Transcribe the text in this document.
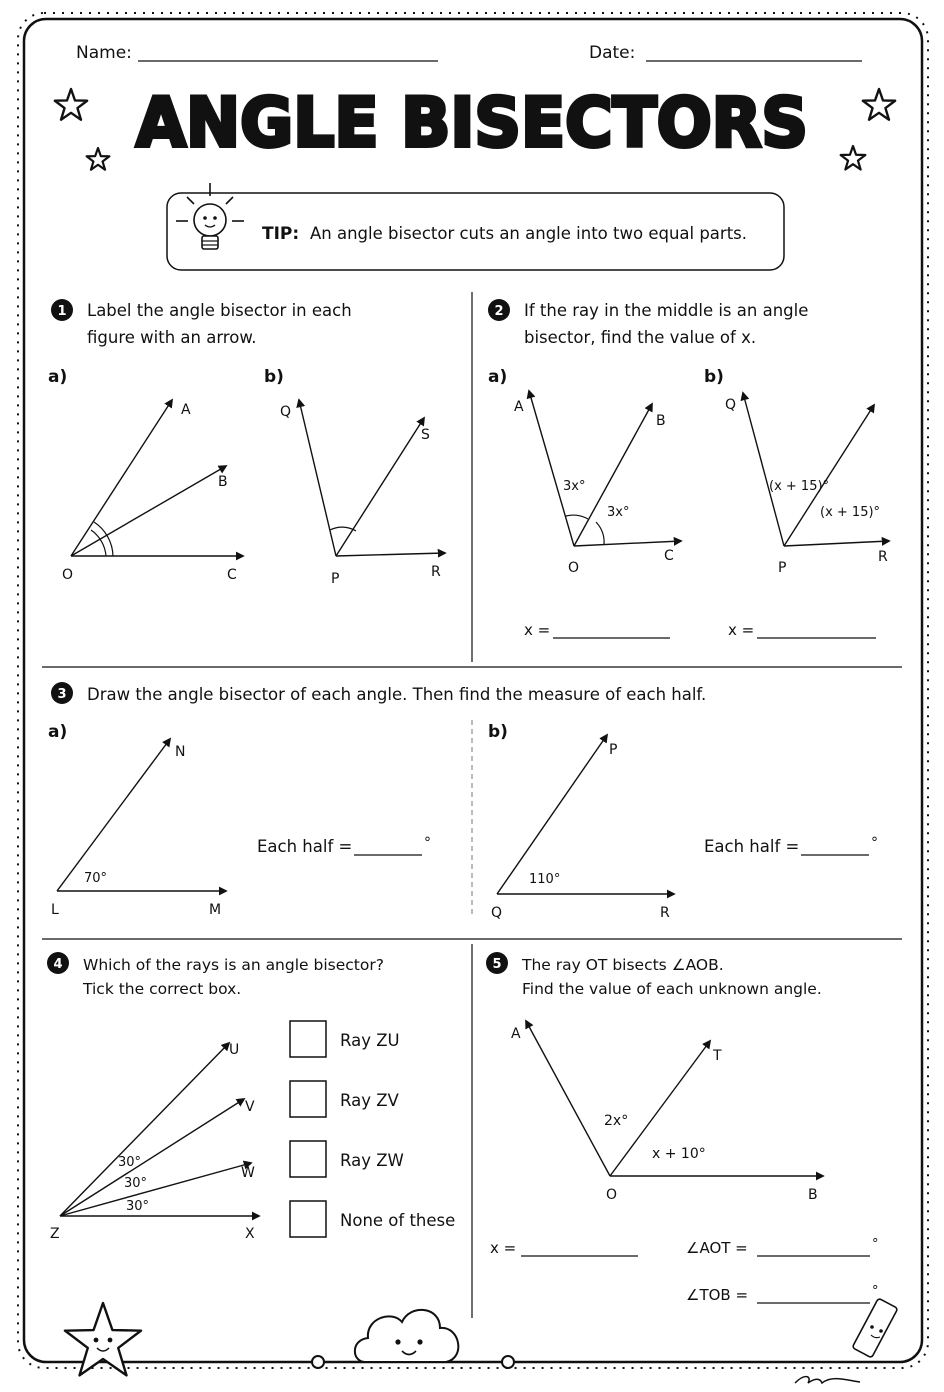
Name:	Date:
ANGLE BISECTORS
TIP: An angle bisector cuts an angle into two equal parts.
1 Label the angle bisector in each
figure with an arrow.
a)
A
B
O	C
b)
Q
S
P	R
2 If the ray in the middle is an angle
bisector, find the value of x.
a)
A
B
O
C
3x°
3x°
x =
b)
Q
P
R
(x + 15)°
(x + 15)°
x =
3 Draw the angle bisector of each angle. Then find the measure of each half.
a)
N
L	M
70°
Each half =	°
b)
P
Q	R
110°
Each half =	°
4 Which of the rays is an angle bisector?
Tick the correct box.
U
V
W
X
Z
30°
30°
30°
Ray ZU
Ray ZV
Ray ZW
None of these
5 The ray OT bisects ∠AOB.
Find the value of each unknown angle.
A
T
O	B
2x°
x + 10°
x =	∠AOT =	°
∠TOB =	°
